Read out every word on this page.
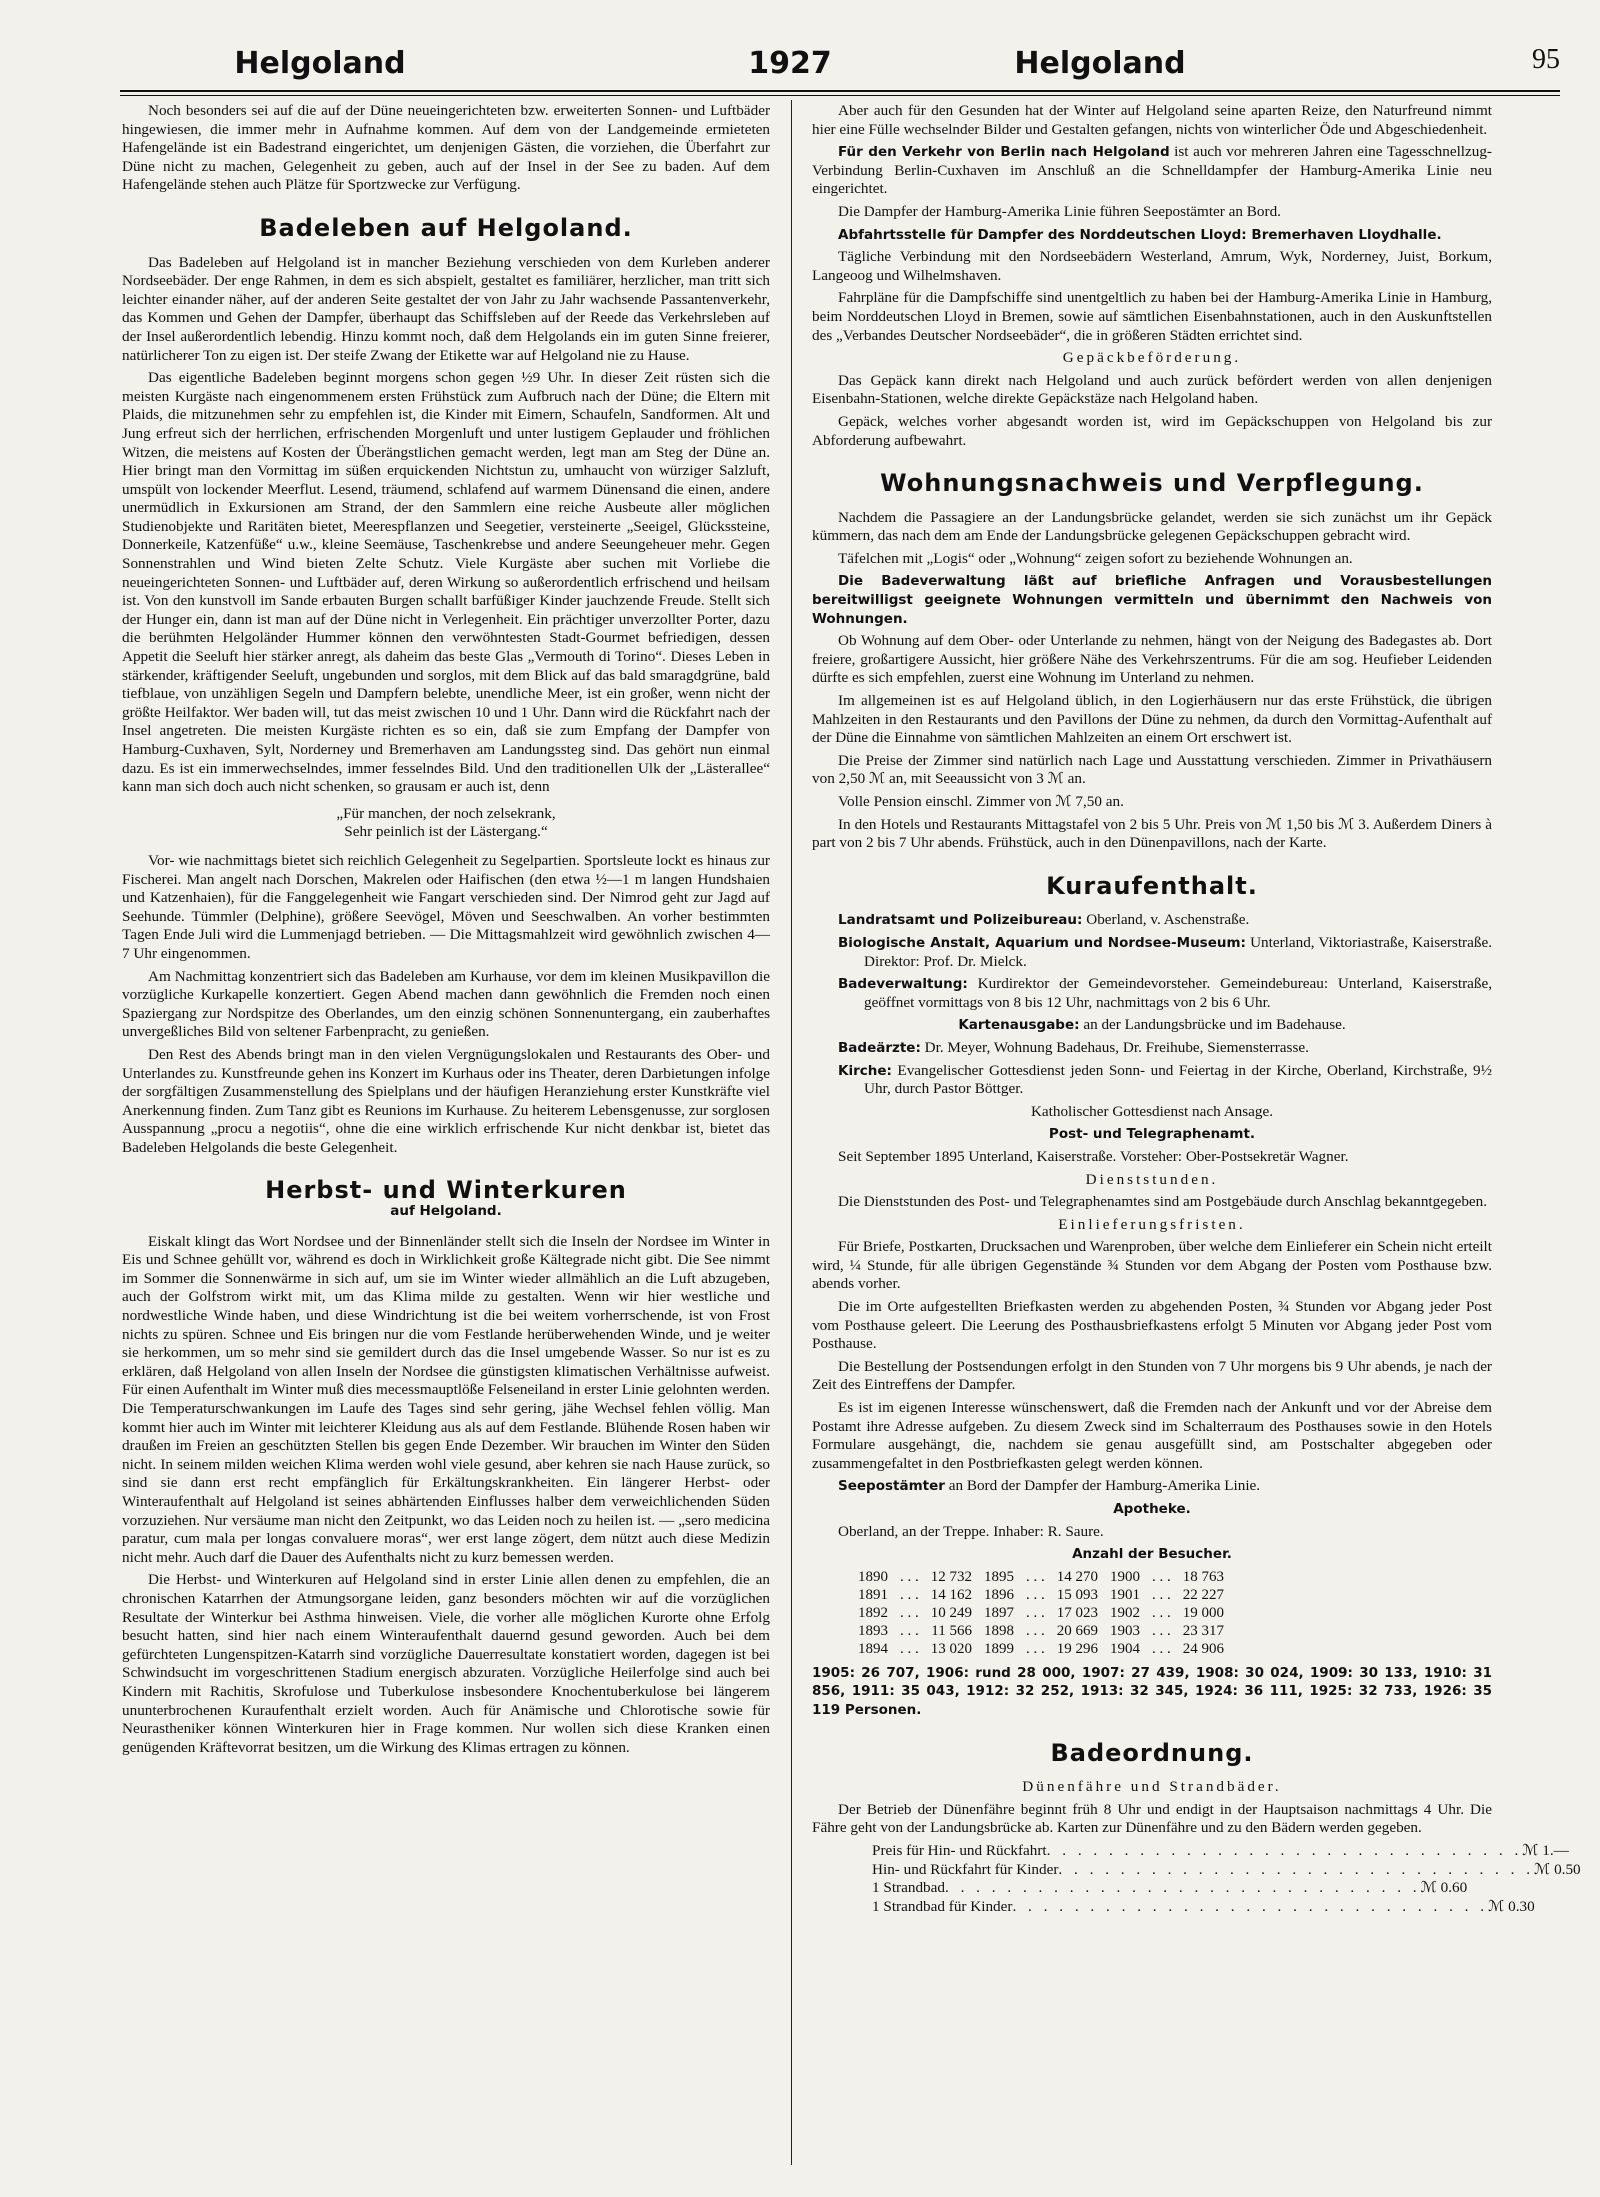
Helgoland	1927	Helgoland	95

Noch besonders sei auf die auf der Düne neueingerichteten bzw. erweiterten Sonnen- und Luftbäder hingewiesen, die immer mehr in Aufnahme kommen. Auf dem von der Landgemeinde ermieteten Hafengelände ist ein Badestrand eingerichtet, um denjenigen Gästen, die vorziehen, die Überfahrt zur Düne nicht zu machen, Gelegenheit zu geben, auch auf der Insel in der See zu baden. Auf dem Hafengelände stehen auch Plätze für Sportzwecke zur Verfügung.

Badeleben auf Helgoland.

Das Badeleben auf Helgoland ist in mancher Beziehung verschieden von dem Kurleben anderer Nordseebäder. Der enge Rahmen, in dem es sich abspielt, gestaltet es familiärer, herzlicher, man tritt sich leichter einander näher, auf der anderen Seite gestaltet der von Jahr zu Jahr wachsende Passantenverkehr, das Kommen und Gehen der Dampfer, überhaupt das Schiffsleben auf der Reede das Verkehrsleben auf der Insel außerordentlich lebendig. Hinzu kommt noch, daß dem Helgolands ein im guten Sinne freierer, natürlicherer Ton zu eigen ist. Der steife Zwang der Etikette war auf Helgoland nie zu Hause.

Das eigentliche Badeleben beginnt morgens schon gegen ½9 Uhr. In dieser Zeit rüsten sich die meisten Kurgäste nach eingenommenem ersten Frühstück zum Aufbruch nach der Düne; die Eltern mit Plaids, die mitzunehmen sehr zu empfehlen ist, die Kinder mit Eimern, Schaufeln, Sandformen. Alt und Jung erfreut sich der herrlichen, erfrischenden Morgenluft und unter lustigem Geplauder und fröhlichen Witzen, die meistens auf Kosten der Überängstlichen gemacht werden, legt man am Steg der Düne an. Hier bringt man den Vormittag im süßen erquickenden Nichtstun zu, umhaucht von würziger Salzluft, umspült von lockender Meerflut. Lesend, träumend, schlafend auf warmem Dünensand die einen, andere unermüdlich in Exkursionen am Strand, der den Sammlern eine reiche Ausbeute aller möglichen Studienobjekte und Raritäten bietet, Meerespflanzen und Seegetier, versteinerte „Seeigel, Glückssteine, Donnerkeile, Katzenfüße“ u.w., kleine Seemäuse, Taschenkrebse und andere Seeungeheuer mehr. Gegen Sonnenstrahlen und Wind bieten Zelte Schutz. Viele Kurgäste aber suchen mit Vorliebe die neueingerichteten Sonnen- und Luftbäder auf, deren Wirkung so außerordentlich erfrischend und heilsam ist. Von den kunstvoll im Sande erbauten Burgen schallt barfüßiger Kinder jauchzende Freude. Stellt sich der Hunger ein, dann ist man auf der Düne nicht in Verlegenheit. Ein prächtiger unverzollter Porter, dazu die berühmten Helgoländer Hummer können den verwöhntesten Stadt-Gourmet befriedigen, dessen Appetit die Seeluft hier stärker anregt, als daheim das beste Glas „Vermouth di Torino“. Dieses Leben in stärkender, kräftigender Seeluft, ungebunden und sorglos, mit dem Blick auf das bald smaragdgrüne, bald tiefblaue, von unzähligen Segeln und Dampfern belebte, unendliche Meer, ist ein großer, wenn nicht der größte Heilfaktor. Wer baden will, tut das meist zwischen 10 und 1 Uhr. Dann wird die Rückfahrt nach der Insel angetreten. Die meisten Kurgäste richten es so ein, daß sie zum Empfang der Dampfer von Hamburg-Cuxhaven, Sylt, Norderney und Bremerhaven am Landungssteg sind. Das gehört nun einmal dazu. Es ist ein immerwechselndes, immer fesselndes Bild. Und den traditionellen Ulk der „Lästerallee“ kann man sich doch auch nicht schenken, so grausam er auch ist, denn

„Für manchen, der noch zelsekrank,
Sehr peinlich ist der Lästergang.“

Vor- wie nachmittags bietet sich reichlich Gelegenheit zu Segelpartien. Sportsleute lockt es hinaus zur Fischerei. Man angelt nach Dorschen, Makrelen oder Haifischen (den etwa ½—1 m langen Hundshaien und Katzenhaien), für die Fanggelegenheit wie Fangart verschieden sind. Der Nimrod geht zur Jagd auf Seehunde. Tümmler (Delphine), größere Seevögel, Möven und Seeschwalben. An vorher bestimmten Tagen Ende Juli wird die Lummenjagd betrieben. — Die Mittagsmahlzeit wird gewöhnlich zwischen 4—7 Uhr eingenommen.

Am Nachmittag konzentriert sich das Badeleben am Kurhause, vor dem im kleinen Musikpavillon die vorzügliche Kurkapelle konzertiert. Gegen Abend machen dann gewöhnlich die Fremden noch einen Spaziergang zur Nordspitze des Oberlandes, um den einzig schönen Sonnenuntergang, ein zauberhaftes unvergeßliches Bild von seltener Farbenpracht, zu genießen.

Den Rest des Abends bringt man in den vielen Vergnügungslokalen und Restaurants des Ober- und Unterlandes zu. Kunstfreunde gehen ins Konzert im Kurhaus oder ins Theater, deren Darbietungen infolge der sorgfältigen Zusammenstellung des Spielplans und der häufigen Heranziehung erster Kunstkräfte viel Anerkennung finden. Zum Tanz gibt es Reunions im Kurhause. Zu heiterem Lebensgenusse, zur sorglosen Ausspannung „procu a negotiis“, ohne die eine wirklich erfrischende Kur nicht denkbar ist, bietet das Badeleben Helgolands die beste Gelegenheit.

Herbst- und Winterkuren
auf Helgoland.

Eiskalt klingt das Wort Nordsee und der Binnenländer stellt sich die Inseln der Nordsee im Winter in Eis und Schnee gehüllt vor, während es doch in Wirklichkeit große Kältegrade nicht gibt. Die See nimmt im Sommer die Sonnenwärme in sich auf, um sie im Winter wieder allmählich an die Luft abzugeben, auch der Golfstrom wirkt mit, um das Klima milde zu gestalten. Wenn wir hier westliche und nordwestliche Winde haben, und diese Windrichtung ist die bei weitem vorherrschende, ist von Frost nichts zu spüren. Schnee und Eis bringen nur die vom Festlande herüberwehenden Winde, und je weiter sie herkommen, um so mehr sind sie gemildert durch das die Insel umgebende Wasser. So nur ist es zu erklären, daß Helgoland von allen Inseln der Nordsee die günstigsten klimatischen Verhältnisse aufweist. Für einen Aufenthalt im Winter muß dies mecessmauptlöße Felseneiland in erster Linie gelohnten werden. Die Temperaturschwankungen im Laufe des Tages sind sehr gering, jähe Wechsel fehlen völlig. Man kommt hier auch im Winter mit leichterer Kleidung aus als auf dem Festlande. Blühende Rosen haben wir draußen im Freien an geschützten Stellen bis gegen Ende Dezember. Wir brauchen im Winter den Süden nicht. In seinem milden weichen Klima werden wohl viele gesund, aber kehren sie nach Hause zurück, so sind sie dann erst recht empfänglich für Erkältungskrankheiten. Ein längerer Herbst- oder Winteraufenthalt auf Helgoland ist seines abhärtenden Einflusses halber dem verweichlichenden Süden vorzuziehen. Nur versäume man nicht den Zeitpunkt, wo das Leiden noch zu heilen ist. — „sero medicina paratur, cum mala per longas convaluere moras“, wer erst lange zögert, dem nützt auch diese Medizin nicht mehr. Auch darf die Dauer des Aufenthalts nicht zu kurz bemessen werden.

Die Herbst- und Winterkuren auf Helgoland sind in erster Linie allen denen zu empfehlen, die an chronischen Katarrhen der Atmungsorgane leiden, ganz besonders möchten wir auf die vorzüglichen Resultate der Winterkur bei Asthma hinweisen. Viele, die vorher alle möglichen Kurorte ohne Erfolg besucht hatten, sind hier nach einem Winteraufenthalt dauernd gesund geworden. Auch bei dem gefürchteten Lungenspitzen-Katarrh sind vorzügliche Dauerresultate konstatiert worden, dagegen ist bei Schwindsucht im vorgeschrittenen Stadium energisch abzuraten. Vorzügliche Heilerfolge sind auch bei Kindern mit Rachitis, Skrofulose und Tuberkulose insbesondere Knochentuberkulose bei längerem ununterbrochenen Kuraufenthalt erzielt worden. Auch für Anämische und Chlorotische sowie für Neurastheniker können Winterkuren hier in Frage kommen. Nur wollen sich diese Kranken einen genügenden Kräftevorrat besitzen, um die Wirkung des Klimas ertragen zu können.

Aber auch für den Gesunden hat der Winter auf Helgoland seine aparten Reize, den Naturfreund nimmt hier eine Fülle wechselnder Bilder und Gestalten gefangen, nichts von winterlicher Öde und Abgeschiedenheit.

Für den Verkehr von Berlin nach Helgoland ist auch vor mehreren Jahren eine Tagesschnellzug-Verbindung Berlin-Cuxhaven im Anschluß an die Schnelldampfer der Hamburg-Amerika Linie neu eingerichtet.

Die Dampfer der Hamburg-Amerika Linie führen Seepostämter an Bord.

Abfahrtsstelle für Dampfer des Norddeutschen Lloyd: Bremerhaven Lloydhalle.

Tägliche Verbindung mit den Nordseebädern Westerland, Amrum, Wyk, Norderney, Juist, Borkum, Langeoog und Wilhelmshaven.

Fahrpläne für die Dampfschiffe sind unentgeltlich zu haben bei der Hamburg-Amerika Linie in Hamburg, beim Norddeutschen Lloyd in Bremen, sowie auf sämtlichen Eisenbahnstationen, auch in den Auskunftstellen des „Verbandes Deutscher Nordseebäder“, die in größeren Städten errichtet sind.

Gepäckbeförderung.

Das Gepäck kann direkt nach Helgoland und auch zurück befördert werden von allen denjenigen Eisenbahn-Stationen, welche direkte Gepäckstäze nach Helgoland haben.

Gepäck, welches vorher abgesandt worden ist, wird im Gepäckschuppen von Helgoland bis zur Abforderung aufbewahrt.

Wohnungsnachweis und Verpflegung.

Nachdem die Passagiere an der Landungsbrücke gelandet, werden sie sich zunächst um ihr Gepäck kümmern, das nach dem am Ende der Landungsbrücke gelegenen Gepäckschuppen gebracht wird.

Täfelchen mit „Logis“ oder „Wohnung“ zeigen sofort zu beziehende Wohnungen an.

Die Badeverwaltung läßt auf briefliche Anfragen und Vorausbestellungen bereitwilligst geeignete Wohnungen vermitteln und übernimmt den Nachweis von Wohnungen.

Ob Wohnung auf dem Ober- oder Unterlande zu nehmen, hängt von der Neigung des Badegastes ab. Dort freiere, großartigere Aussicht, hier größere Nähe des Verkehrszentrums. Für die am sog. Heufieber Leidenden dürfte es sich empfehlen, zuerst eine Wohnung im Unterland zu nehmen.

Im allgemeinen ist es auf Helgoland üblich, in den Logierhäusern nur das erste Frühstück, die übrigen Mahlzeiten in den Restaurants und den Pavillons der Düne zu nehmen, da durch den Vormittag-Aufenthalt auf der Düne die Einnahme von sämtlichen Mahlzeiten an einem Ort erschwert ist.

Die Preise der Zimmer sind natürlich nach Lage und Ausstattung verschieden. Zimmer in Privathäusern von 2,50 ℳ an, mit Seeaussicht von 3 ℳ an.

Volle Pension einschl. Zimmer von ℳ 7,50 an.

In den Hotels und Restaurants Mittagstafel von 2 bis 5 Uhr. Preis von ℳ 1,50 bis ℳ 3. Außerdem Diners à part von 2 bis 7 Uhr abends. Frühstück, auch in den Dünenpavillons, nach der Karte.

Kuraufenthalt.

Landratsamt und Polizeibureau: Oberland, v. Aschenstraße.

Biologische Anstalt, Aquarium und Nordsee-Museum: Unterland, Viktoriastraße, Kaiserstraße. Direktor: Prof. Dr. Mielck.

Badeverwaltung: Kurdirektor der Gemeindevorsteher. Gemeindebureau: Unterland, Kaiserstraße, geöffnet vormittags von 8 bis 12 Uhr, nachmittags von 2 bis 6 Uhr.

Kartenausgabe: an der Landungsbrücke und im Badehause.

Badeärzte: Dr. Meyer, Wohnung Badehaus, Dr. Freihube, Siemensterrasse.

Kirche: Evangelischer Gottesdienst jeden Sonn- und Feiertag in der Kirche, Oberland, Kirchstraße, 9½ Uhr, durch Pastor Böttger.

Katholischer Gottesdienst nach Ansage.

Post- und Telegraphenamt.

Seit September 1895 Unterland, Kaiserstraße. Vorsteher: Ober-Postsekretär Wagner.

Dienststunden.

Die Dienststunden des Post- und Telegraphenamtes sind am Postgebäude durch Anschlag bekanntgegeben.

Einlieferungsfristen.

Für Briefe, Postkarten, Drucksachen und Warenproben, über welche dem Einlieferer ein Schein nicht erteilt wird, ¼ Stunde, für alle übrigen Gegenstände ¾ Stunden vor dem Abgang der Posten vom Posthause bzw. abends vorher.

Die im Orte aufgestellten Briefkasten werden zu abgehenden Posten, ¾ Stunden vor Abgang jeder Post vom Posthause geleert. Die Leerung des Posthausbriefkastens erfolgt 5 Minuten vor Abgang jeder Post vom Posthause.

Die Bestellung der Postsendungen erfolgt in den Stunden von 7 Uhr morgens bis 9 Uhr abends, je nach der Zeit des Eintreffens der Dampfer.

Es ist im eigenen Interesse wünschenswert, daß die Fremden nach der Ankunft und vor der Abreise dem Postamt ihre Adresse aufgeben. Zu diesem Zweck sind im Schalterraum des Posthauses sowie in den Hotels Formulare ausgehängt, die, nachdem sie genau ausgefüllt sind, am Postschalter abgegeben oder zusammengefaltet in den Postbriefkasten gelegt werden können.

Seepostämter an Bord der Dampfer der Hamburg-Amerika Linie.

Apotheke.

Oberland, an der Treppe. Inhaber: R. Saure.

Anzahl der Besucher.

1890	. . .	12 732	1895	. . .	14 270	1900	. . .	18 763
1891	. . .	14 162	1896	. . .	15 093	1901	. . .	22 227
1892	. . .	10 249	1897	. . .	17 023	1902	. . .	19 000
1893	. . .	11 566	1898	. . .	20 669	1903	. . .	23 317
1894	. . .	13 020	1899	. . .	19 296	1904	. . .	24 906

1905: 26 707, 1906: rund 28 000, 1907: 27 439, 1908: 30 024, 1909: 30 133, 1910: 31 856, 1911: 35 043, 1912: 32 252, 1913: 32 345, 1924: 36 111, 1925: 32 733, 1926: 35 119 Personen.

Badeordnung.

Dünenfähre und Strandbäder.

Der Betrieb der Dünenfähre beginnt früh 8 Uhr und endigt in der Hauptsaison nachmittags 4 Uhr. Die Fähre geht von der Landungsbrücke ab. Karten zur Dünenfähre und zu den Bädern werden gegeben.

Preis für Hin- und Rückfahrt . . . . . . . . . . . . . . . . . . . . . . . . . . . . . . . ℳ 1.—
Hin- und Rückfahrt für Kinder . . . . . . . . . . . . . . . . . . . . . . . . . . . . . . . ℳ 0.50
1 Strandbad . . . . . . . . . . . . . . . . . . . . . . . . . . . . . . . ℳ 0.60
1 Strandbad für Kinder . . . . . . . . . . . . . . . . . . . . . . . . . . . . . . . ℳ 0.30
